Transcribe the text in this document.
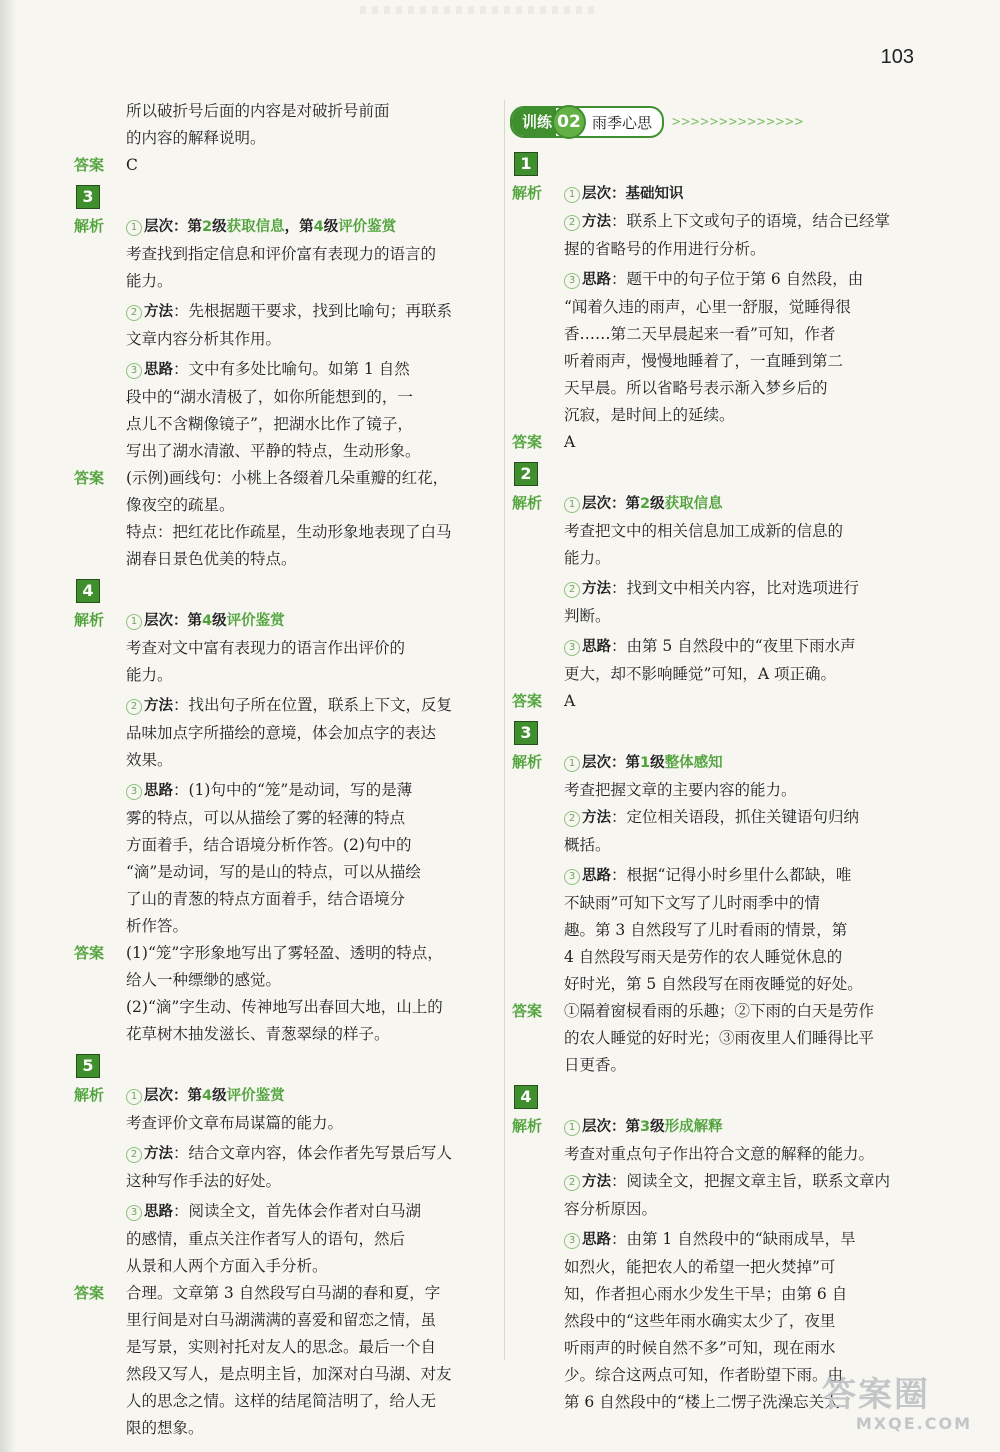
103

所以破折号后面的内容是对破折号前面

的内容的解释说明。

答案	C

3
解析	1 层次：第2级获取信息，第4级评价鉴赏

考查找到指定信息和评价富有表现力的语言的

能力。

2 方法：先根据题干要求，找到比喻句；再联系

文章内容分析其作用。

3 思路：文中有多处比喻句。如第 1 自然

段中的“湖水清极了，如你所能想到的，一

点儿不含糊像镜子”，把湖水比作了镜子，

写出了湖水清澈、平静的特点，生动形象。

答案	(示例)画线句：小桃上各缀着几朵重瓣的红花，

像夜空的疏星。

特点：把红花比作疏星，生动形象地表现了白马

湖春日景色优美的特点。

4
解析	1 层次：第4级评价鉴赏

考查对文中富有表现力的语言作出评价的

能力。

2 方法：找出句子所在位置，联系上下文，反复

品味加点字所描绘的意境，体会加点字的表达

效果。

3 思路：(1)句中的“笼”是动词，写的是薄

雾的特点，可以从描绘了雾的轻薄的特点

方面着手，结合语境分析作答。(2)句中的

“滴”是动词，写的是山的特点，可以从描绘

了山的青葱的特点方面着手，结合语境分

析作答。

答案	(1)“笼”字形象地写出了雾轻盈、透明的特点，

给人一种缥缈的感觉。

(2)“滴”字生动、传神地写出春回大地，山上的

花草树木抽发滋长、青葱翠绿的样子。

5
解析	1 层次：第4级评价鉴赏

考查评价文章布局谋篇的能力。

2 方法：结合文章内容，体会作者先写景后写人

这种写作手法的好处。

3 思路：阅读全文，首先体会作者对白马湖

的感情，重点关注作者写人的语句，然后

从景和人两个方面入手分析。

答案	合理。文章第 3 自然段写白马湖的春和夏，字

里行间是对白马湖满满的喜爱和留恋之情，虽

是写景，实则衬托对友人的思念。最后一个自

然段又写人，是点明主旨，加深对白马湖、对友

人的思念之情。这样的结尾简洁明了，给人无

限的想象。

训练 02 雨季心思 >>>>>>>>>>>>>>
1
解析	1 层次：基础知识

2 方法：联系上下文或句子的语境，结合已经掌

握的省略号的作用进行分析。

3 思路：题干中的句子位于第 6 自然段，由

“闻着久违的雨声，心里一舒服，觉睡得很

香……第二天早晨起来一看”可知，作者

听着雨声，慢慢地睡着了，一直睡到第二

天早晨。所以省略号表示渐入梦乡后的

沉寂，是时间上的延续。

答案	A

2
解析	1 层次：第2级获取信息

考查把文中的相关信息加工成新的信息的

能力。

2 方法：找到文中相关内容，比对选项进行

判断。

3 思路：由第 5 自然段中的“夜里下雨水声

更大，却不影响睡觉”可知，A 项正确。

答案	A

3
解析	1 层次：第1级整体感知

考查把握文章的主要内容的能力。

2 方法：定位相关语段，抓住关键语句归纳

概括。

3 思路：根据“记得小时乡里什么都缺，唯

不缺雨”可知下文写了儿时雨季中的情

趣。第 3 自然段写了儿时看雨的情景，第

4 自然段写雨天是劳作的农人睡觉休息的

好时光，第 5 自然段写在雨夜睡觉的好处。

答案	①隔着窗棂看雨的乐趣；②下雨的白天是劳作

的农人睡觉的好时光；③雨夜里人们睡得比平

日更香。

4
解析	1 层次：第3级形成解释

考查对重点句子作出符合文意的解释的能力。

2 方法：阅读全文，把握文章主旨，联系文章内

容分析原因。

3 思路：由第 1 自然段中的“缺雨成旱，旱

如烈火，能把农人的希望一把火焚掉”可

知，作者担心雨水少发生干旱；由第 6 自

然段中的“这些年雨水确实太少了，夜里

听雨声的时候自然不多”可知，现在雨水

少。综合这两点可知，作者盼望下雨。由

第 6 自然段中的“楼上二愣子洗澡忘关太

答案圈
MXQE.COM
